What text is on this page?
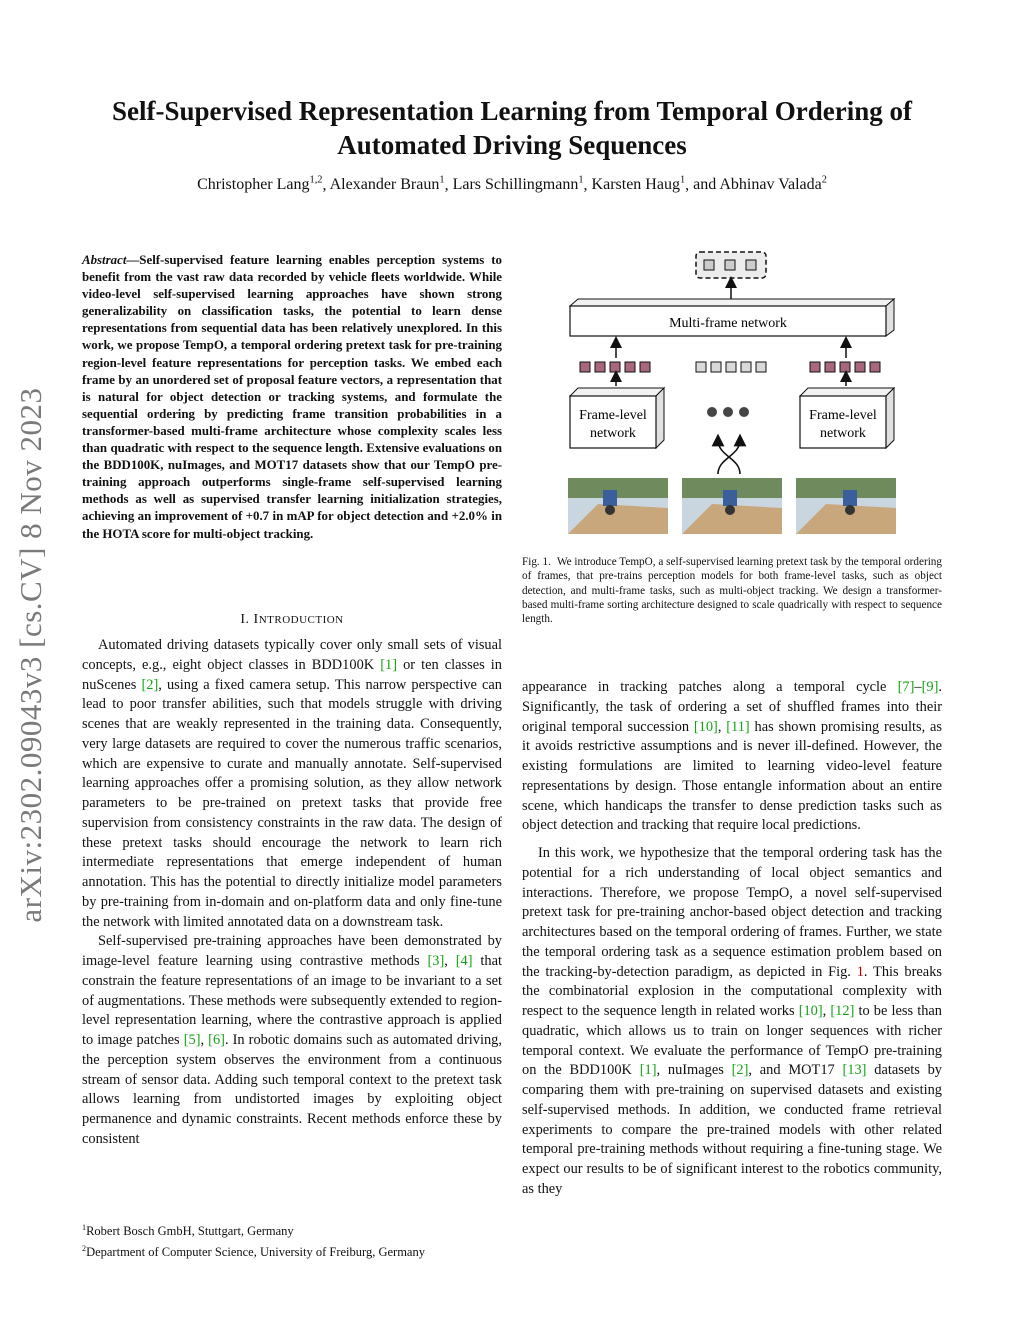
arXiv:2302.09043v3 [cs.CV] 8 Nov 2023
Self-Supervised Representation Learning from Temporal Ordering of Automated Driving Sequences
Christopher Lang$^{1,2}$, Alexander Braun$^1$, Lars Schillingmann$^1$, Karsten Haug$^1$, and Abhinav Valada$^2$
Abstract—Self-supervised feature learning enables perception systems to benefit from the vast raw data recorded by vehicle fleets worldwide. While video-level self-supervised learning approaches have shown strong generalizability on classification tasks, the potential to learn dense representations from sequential data has been relatively unexplored. In this work, we propose TempO, a temporal ordering pretext task for pre-training region-level feature representations for perception tasks. We embed each frame by an unordered set of proposal feature vectors, a representation that is natural for object detection or tracking systems, and formulate the sequential ordering by predicting frame transition probabilities in a transformer-based multi-frame architecture whose complexity scales less than quadratic with respect to the sequence length. Extensive evaluations on the BDD100K, nuImages, and MOT17 datasets show that our TempO pre-training approach outperforms single-frame self-supervised learning methods as well as supervised transfer learning initialization strategies, achieving an improvement of +0.7 in mAP for object detection and +2.0% in the HOTA score for multi-object tracking.
I. INTRODUCTION

Automated driving datasets typically cover only small sets of visual concepts, e.g., eight object classes in BDD100K [1] or ten classes in nuScenes [2], using a fixed camera setup. This narrow perspective can lead to poor transfer abilities, such that models struggle with driving scenes that are weakly represented in the training data. Consequently, very large datasets are required to cover the numerous traffic scenarios, which are expensive to curate and manually annotate. Self-supervised learning approaches offer a promising solution, as they allow network parameters to be pre-trained on pretext tasks that provide free supervision from consistency constraints in the raw data. The design of these pretext tasks should encourage the network to learn rich intermediate representations that emerge independent of human annotation. This has the potential to directly initialize model parameters by pre-training from in-domain and on-platform data and only fine-tune the network with limited annotated data on a downstream task.

Self-supervised pre-training approaches have been demonstrated by image-level feature learning using contrastive methods [3], [4] that constrain the feature representations of an image to be invariant to a set of augmentations. These methods were subsequently extended to region-level representation learning, where the contrastive approach is applied to image patches [5], [6]. In robotic domains such as automated driving, the perception system observes the environment from a continuous stream of sensor data. Adding such temporal context to the pretext task allows learning from undistorted images by exploiting object permanence and dynamic constraints. Recent methods enforce these by consistent

$^1$Robert Bosch GmbH, Stuttgart, Germany
$^2$Department of Computer Science, University of Freiburg, Germany
Multi-frame network
Frame-level
network
Frame-level
network
Fig. 1. We introduce TempO, a self-supervised learning pretext task by the temporal ordering of frames, that pre-trains perception models for both frame-level tasks, such as object detection, and multi-frame tasks, such as multi-object tracking. We design a transformer-based multi-frame sorting architecture designed to scale quadrically with respect to sequence length.

appearance in tracking patches along a temporal cycle [7]–[9]. Significantly, the task of ordering a set of shuffled frames into their original temporal succession [10], [11] has shown promising results, as it avoids restrictive assumptions and is never ill-defined. However, the existing formulations are limited to learning video-level feature representations by design. Those entangle information about an entire scene, which handicaps the transfer to dense prediction tasks such as object detection and tracking that require local predictions.

In this work, we hypothesize that the temporal ordering task has the potential for a rich understanding of local object semantics and interactions. Therefore, we propose TempO, a novel self-supervised pretext task for pre-training anchor-based object detection and tracking architectures based on the temporal ordering of frames. Further, we state the temporal ordering task as a sequence estimation problem based on the tracking-by-detection paradigm, as depicted in Fig. 1. This breaks the combinatorial explosion in the computational complexity with respect to the sequence length in related works [10], [12] to be less than quadratic, which allows us to train on longer sequences with richer temporal context. We evaluate the performance of TempO pre-training on the BDD100K [1], nuImages [2], and MOT17 [13] datasets by comparing them with pre-training on supervised datasets and existing self-supervised methods. In addition, we conducted frame retrieval experiments to compare the pre-trained models with other related temporal pre-training methods without requiring a fine-tuning stage. We expect our results to be of significant interest to the robotics community, as they
